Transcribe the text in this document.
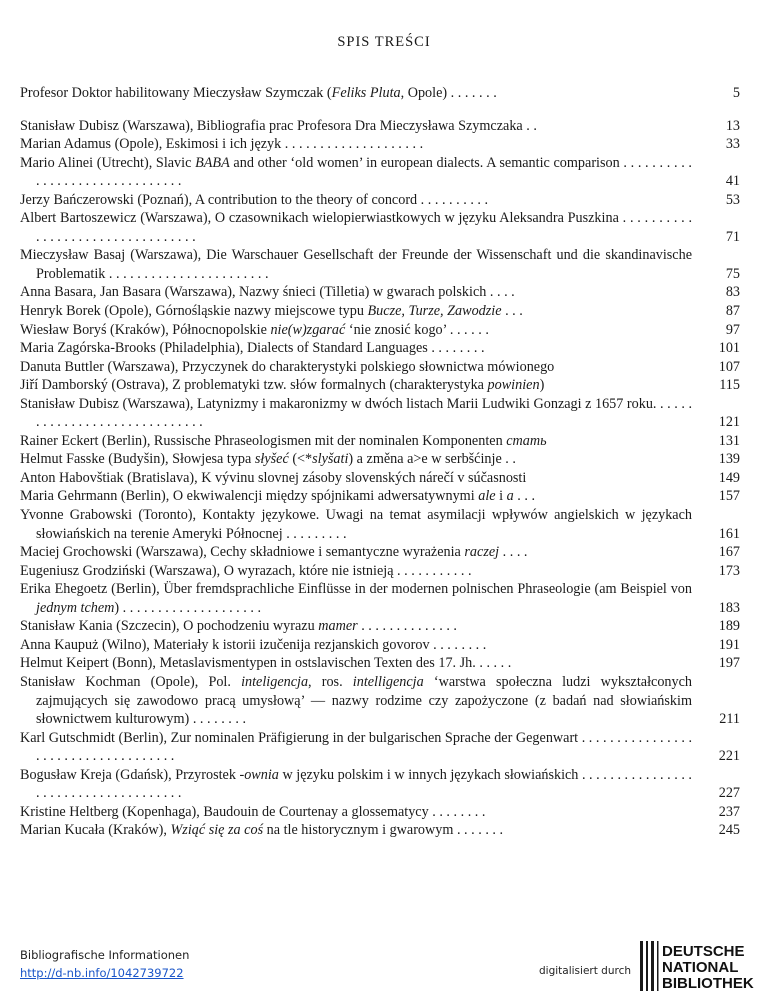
SPIS TREŚCI
Profesor Doktor habilitowany Mieczysław Szymczak (Feliks Pluta, Opole) . . . . . . .	5
Stanisław Dubisz (Warszawa), Bibliografia prac Profesora Dra Mieczysława Szymczaka . .	13
Marian Adamus (Opole), Eskimosi i ich język . . . . . . . . . . . . . . . . . . . .	33
Mario Alinei (Utrecht), Slavic BABA and other ‘old women’ in european dialects. A semantic comparison . . . . . . . . . . . . . . . . . . . . . . . . . . . . . . .	41
Jerzy Bańczerowski (Poznań), A contribution to the theory of concord . . . . . . . . . .	53
Albert Bartoszewicz (Warszawa), O czasownikach wielopierwiastkowych w języku Aleksandra Puszkina . . . . . . . . . . . . . . . . . . . . . . . . . . . . . . . . .	71
Mieczysław Basaj (Warszawa), Die Warschauer Gesellschaft der Freunde der Wissenschaft und die skandinavische Problematik . . . . . . . . . . . . . . . . . . . . . . .	75
Anna Basara, Jan Basara (Warszawa), Nazwy śnieci (Tilletia) w gwarach polskich . . . .	83
Henryk Borek (Opole), Górnośląskie nazwy miejscowe typu Bucze, Turze, Zawodzie . . .	87
Wiesław Boryś (Kraków), Północnopolskie nie(w)zgarać ‘nie znosić kogo’ . . . . . .	97
Maria Zagórska-Brooks (Philadelphia), Dialects of Standard Languages . . . . . . . .	101
Danuta Buttler (Warszawa), Przyczynek do charakterystyki polskiego słownictwa mówionego	107
Jiří Damborský (Ostrava), Z problematyki tzw. słów formalnych (charakterystyka powinien)	115
Stanisław Dubisz (Warszawa), Latynizmy i makaronizmy w dwóch listach Marii Ludwiki Gonzagi z 1657 roku. . . . . . . . . . . . . . . . . . . . . . . . . . . . . .	121
Rainer Eckert (Berlin), Russische Phraseologismen mit der nominalen Komponenten cmamь	131
Helmut Fasske (Budyšin), Słowjesa typa słyšeć (<*slyšati) a změna a>e w serbšćinje . .	139
Anton Habovštiak (Bratislava), K vývinu slovnej zásoby slovenských nárečí v súčasnosti	149
Maria Gehrmann (Berlin), O ekwiwalencji między spójnikami adwersatywnymi ale i a . . .	157
Yvonne Grabowski (Toronto), Kontakty językowe. Uwagi na temat asymilacji wpływów angielskich w językach słowiańskich na terenie Ameryki Północnej . . . . . . . . .	161
Maciej Grochowski (Warszawa), Cechy składniowe i semantyczne wyrażenia raczej . . . .	167
Eugeniusz Grodziński (Warszawa), O wyrazach, które nie istnieją . . . . . . . . . . .	173
Erika Ehegoetz (Berlin), Über fremdsprachliche Einflüsse in der modernen polnischen Phraseologie (am Beispiel von jednym tchem) . . . . . . . . . . . . . . . . . . . .	183
Stanisław Kania (Szczecin), O pochodzeniu wyrazu mamer . . . . . . . . . . . . . .	189
Anna Kaupuż (Wilno), Materiały k istorii izučenija rezjanskich govorov . . . . . . . .	191
Helmut Keipert (Bonn), Metaslavismentypen in ostslavischen Texten des 17. Jh. . . . . .	197
Stanisław Kochman (Opole), Pol. inteligencja, ros. intelligencja ‘warstwa społeczna ludzi wykształconych zajmujących się zawodowo pracą umysłową’ — nazwy rodzime czy zapożyczone (z badań nad słowiańskim słownictwem kulturowym) . . . . . . . .	211
Karl Gutschmidt (Berlin), Zur nominalen Präfigierung in der bulgarischen Sprache der Gegenwart . . . . . . . . . . . . . . . . . . . . . . . . . . . . . . . . . . . .	221
Bogusław Kreja (Gdańsk), Przyrostek -ownia w języku polskim i w innych językach słowiańskich . . . . . . . . . . . . . . . . . . . . . . . . . . . . . . . . . . . . .	227
Kristine Heltberg (Kopenhaga), Baudouin de Courtenay a glossematycy . . . . . . . .	237
Marian Kucała (Kraków), Wziąć się za coś na tle historycznym i gwarowym . . . . . . .	245
Bibliografische Informationen
http://d-nb.info/1042739722	digitalisiert durch
DEUTSCHE
NATIONAL
BIBLIOTHEK
